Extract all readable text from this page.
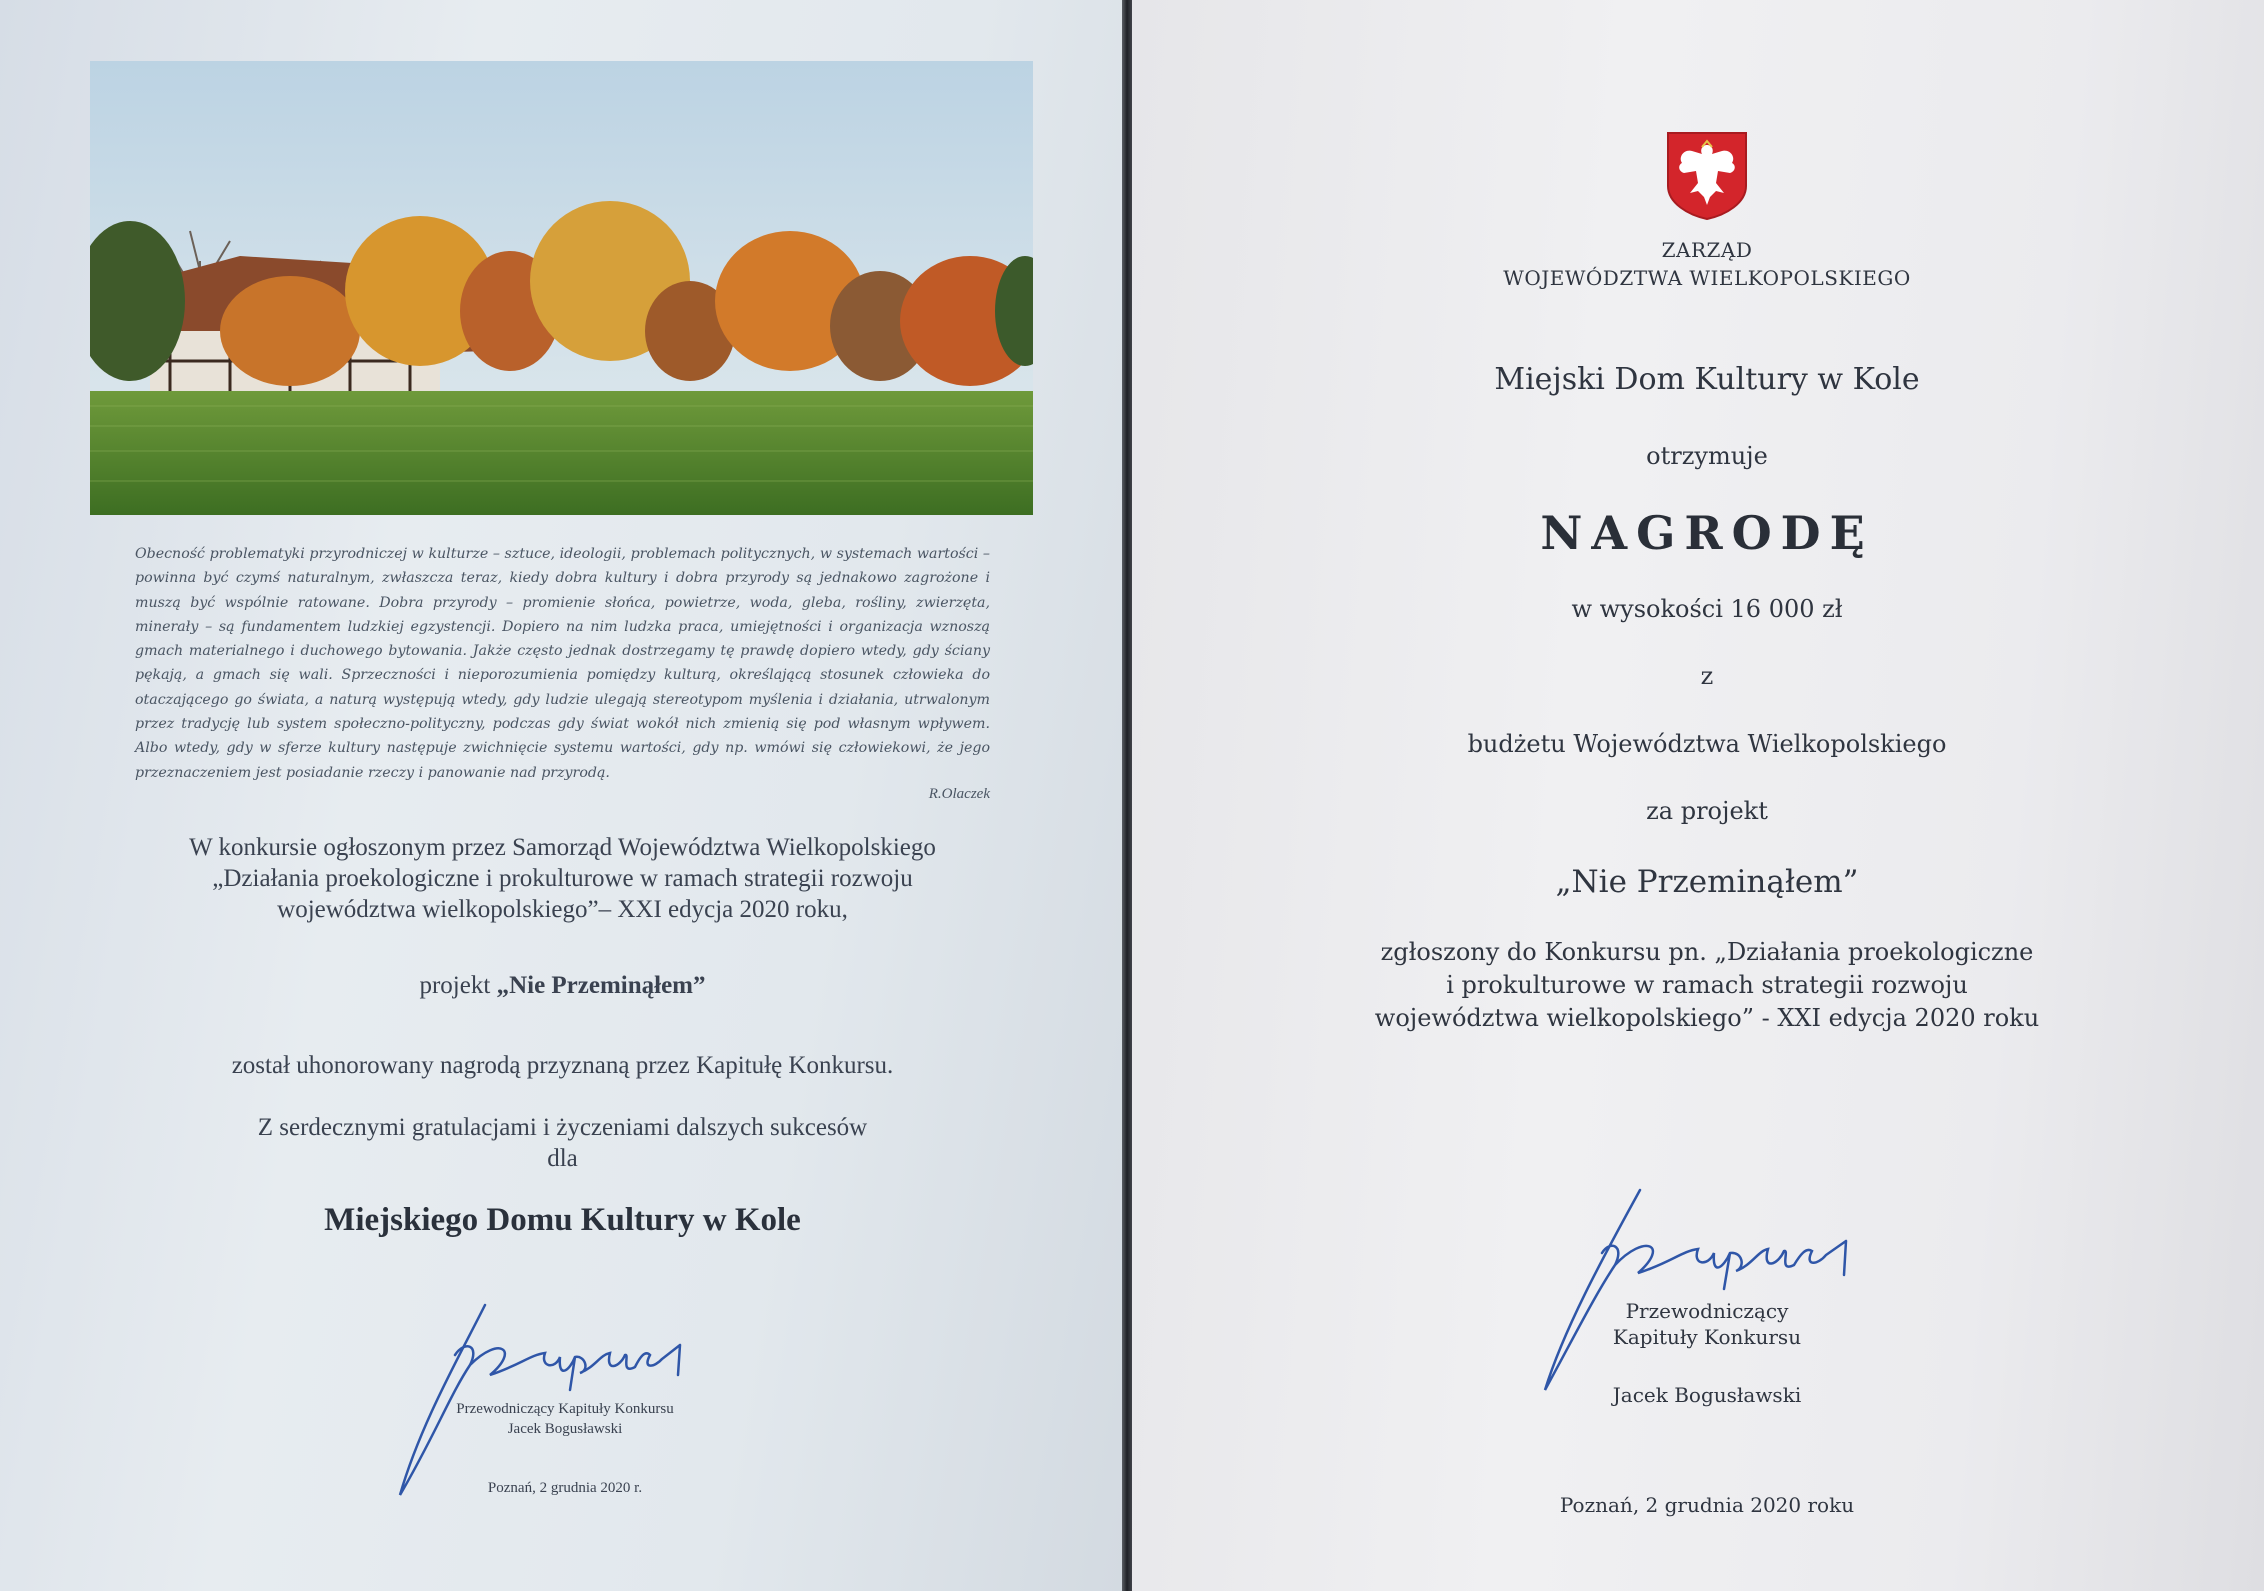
Obecność problematyki przyrodniczej w kulturze – sztuce, ideologii, problemach politycznych, w systemach wartości – powinna być czymś naturalnym, zwłaszcza teraz, kiedy dobra kultury i dobra przyrody są jednakowo zagrożone i muszą być wspólnie ratowane. Dobra przyrody – promienie słońca, powietrze, woda, gleba, rośliny, zwierzęta, minerały – są fundamentem ludzkiej egzystencji. Dopiero na nim ludzka praca, umiejętności i organizacja wznoszą gmach materialnego i duchowego bytowania. Jakże często jednak dostrzegamy tę prawdę dopiero wtedy, gdy ściany pękają, a gmach się wali. Sprzeczności i nieporozumienia pomiędzy kulturą, określającą stosunek człowieka do otaczającego go świata, a naturą występują wtedy, gdy ludzie ulegają stereotypom myślenia i działania, utrwalonym przez tradycję lub system społeczno-polityczny, podczas gdy świat wokół nich zmienią się pod własnym wpływem. Albo wtedy, gdy w sferze kultury następuje zwichnięcie systemu wartości, gdy np. wmówi się człowiekowi, że jego przeznaczeniem jest posiadanie rzeczy i panowanie nad przyrodą.
R.Olaczek
W konkursie ogłoszonym przez Samorząd Województwa Wielkopolskiego
„Działania proekologiczne i prokulturowe w ramach strategii rozwoju
województwa wielkopolskiego”– XXI edycja 2020 roku,
projekt „Nie Przeminąłem”
został uhonorowany nagrodą przyznaną przez Kapitułę Konkursu.
Z serdecznymi gratulacjami i życzeniami dalszych sukcesów
dla
Miejskiego Domu Kultury w Kole
Przewodniczący Kapituły Konkursu
Jacek Bogusławski
Poznań, 2 grudnia 2020 r.
ZARZĄD
WOJEWÓDZTWA WIELKOPOLSKIEGO
Miejski Dom Kultury w Kole
otrzymuje
NAGRODĘ
w wysokości 16 000 zł
z
budżetu Województwa Wielkopolskiego
za projekt
„Nie Przeminąłem”
zgłoszony do Konkursu pn. „Działania proekologiczne
i prokulturowe w ramach strategii rozwoju
województwa wielkopolskiego” - XXI edycja 2020 roku
Przewodniczący
Kapituły Konkursu
Jacek Bogusławski
Poznań, 2 grudnia 2020 roku
